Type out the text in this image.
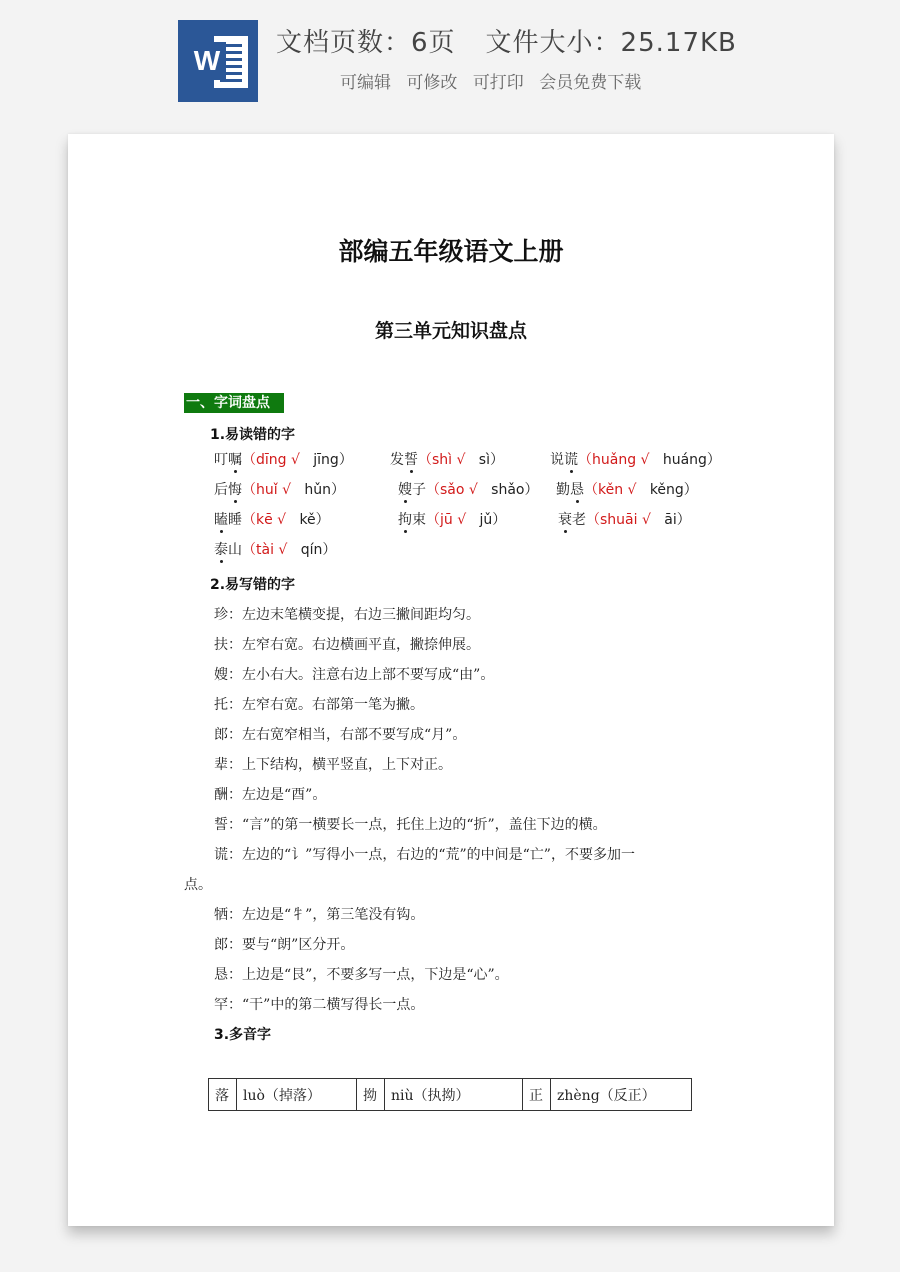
W
文档页数：6页 文件大小：25.17KB
可编辑 可修改 可打印 会员免费下载
部编五年级语文上册
第三单元知识盘点
一、字词盘点
1.易读错的字
叮嘱（dīng √ jīng）	发誓（shì √ sì）	说谎（huǎng √ huáng）
后悔（huǐ √ hǔn）	嫂子（sǎo √ shǎo） 勤恳（kěn √ kěng）
瞌睡（kē √ kě）	拘束（jū √ jǔ）	衰老（shuāi √ āi）
泰山（tài √ qín）
2.易写错的字
珍：左边末笔横变提，右边三撇间距均匀。
扶：左窄右宽。右边横画平直，撇捺伸展。
嫂：左小右大。注意右边上部不要写成“由”。
托：左窄右宽。右部第一笔为撇。
郎：左右宽窄相当，右部不要写成“月”。
辈：上下结构，横平竖直，上下对正。
酬：左边是“酉”。
誓：“言”的第一横要长一点，托住上边的“折”，盖住下边的横。
谎：左边的“讠”写得小一点，右边的“荒”的中间是“亡”，不要多加一
点。
牺：左边是“牜”，第三笔没有钩。
郎：要与“朗”区分开。
恳：上边是“艮”，不要多写一点，下边是“心”。
罕：“干”中的第二横写得长一点。
3.多音字
落	luò（掉落）	拗	niù（执拗）	正	zhèng（反正）
